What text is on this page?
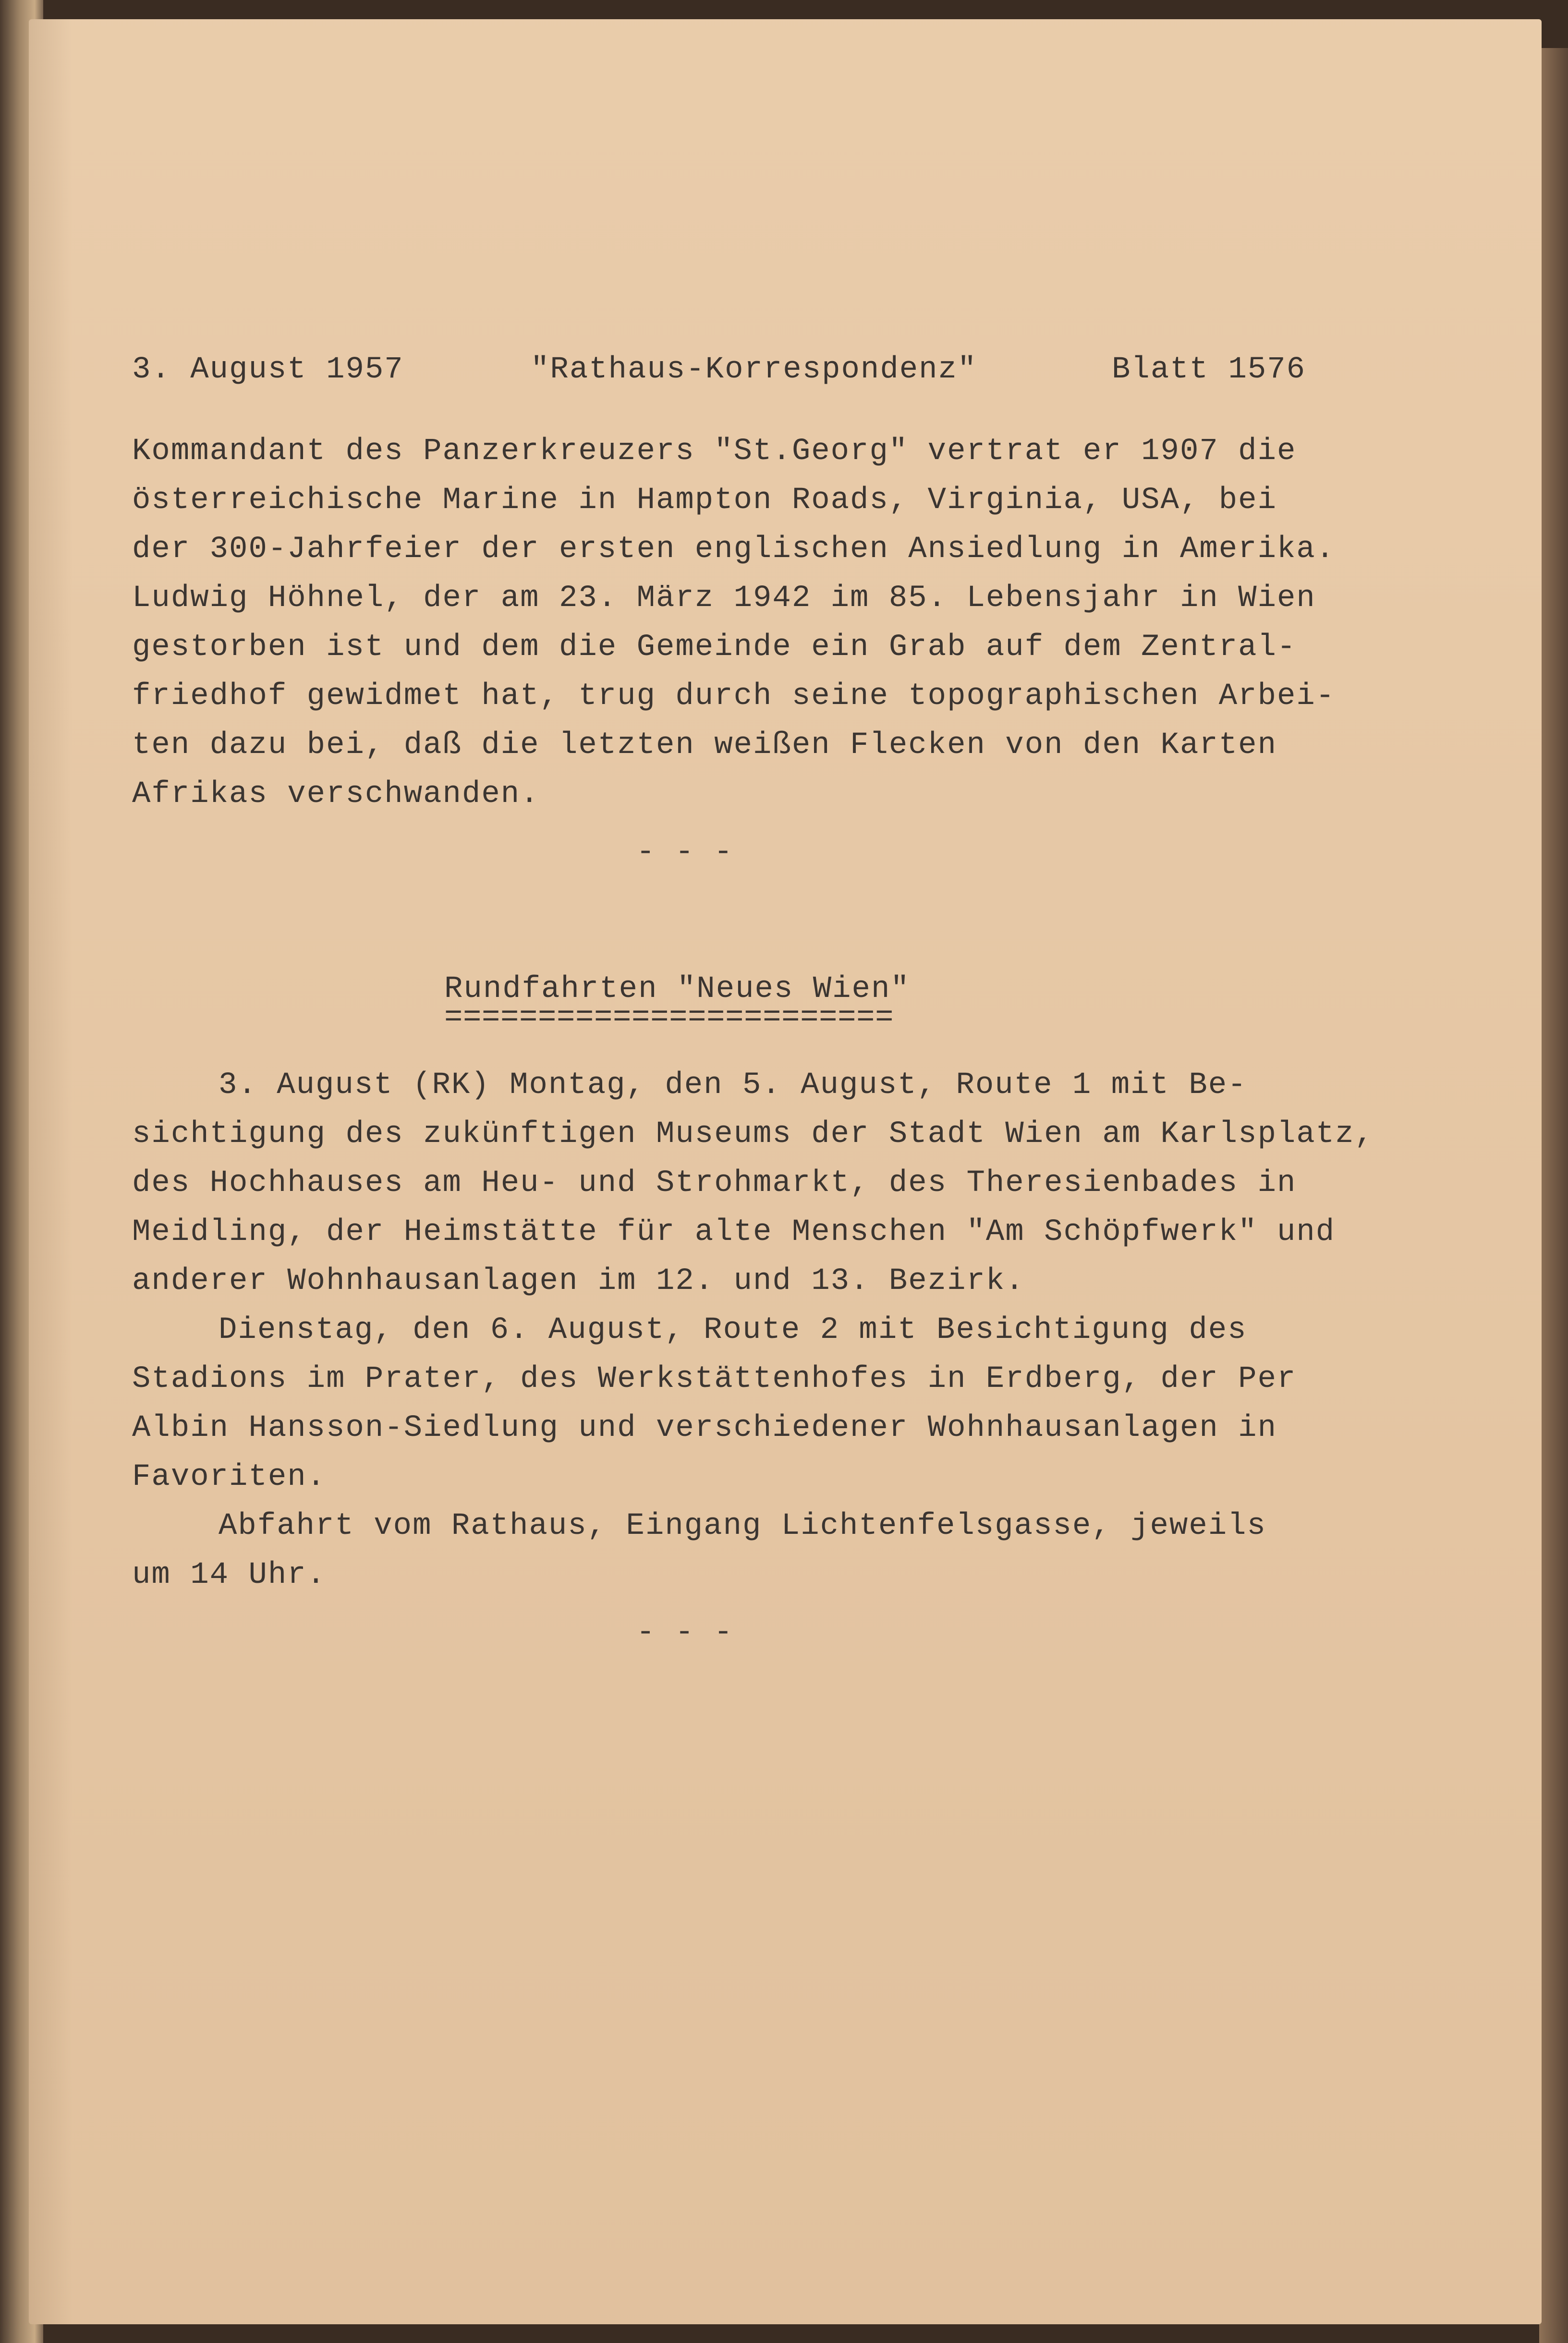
3. August 1957	"Rathaus-Korrespondenz"	Blatt 1576
Kommandant des Panzerkreuzers "St.Georg" vertrat er 1907 die
österreichische Marine in Hampton Roads, Virginia, USA, bei
der 300-Jahrfeier der ersten englischen Ansiedlung in Amerika.
Ludwig Höhnel, der am 23. März 1942 im 85. Lebensjahr in Wien
gestorben ist und dem die Gemeinde ein Grab auf dem Zentral-
friedhof gewidmet hat, trug durch seine topographischen Arbei-
ten dazu bei, daß die letzten weißen Flecken von den Karten
Afrikas verschwanden.
- - -
Rundfahrten "Neues Wien"
========================
3. August (RK) Montag, den 5. August, Route 1 mit Be-
sichtigung des zukünftigen Museums der Stadt Wien am Karlsplatz,
des Hochhauses am Heu- und Strohmarkt, des Theresienbades in
Meidling, der Heimstätte für alte Menschen "Am Schöpfwerk" und
anderer Wohnhausanlagen im 12. und 13. Bezirk.
Dienstag, den 6. August, Route 2 mit Besichtigung des
Stadions im Prater, des Werkstättenhofes in Erdberg, der Per
Albin Hansson-Siedlung und verschiedener Wohnhausanlagen in
Favoriten.
Abfahrt vom Rathaus, Eingang Lichtenfelsgasse, jeweils
um 14 Uhr.
- - -
